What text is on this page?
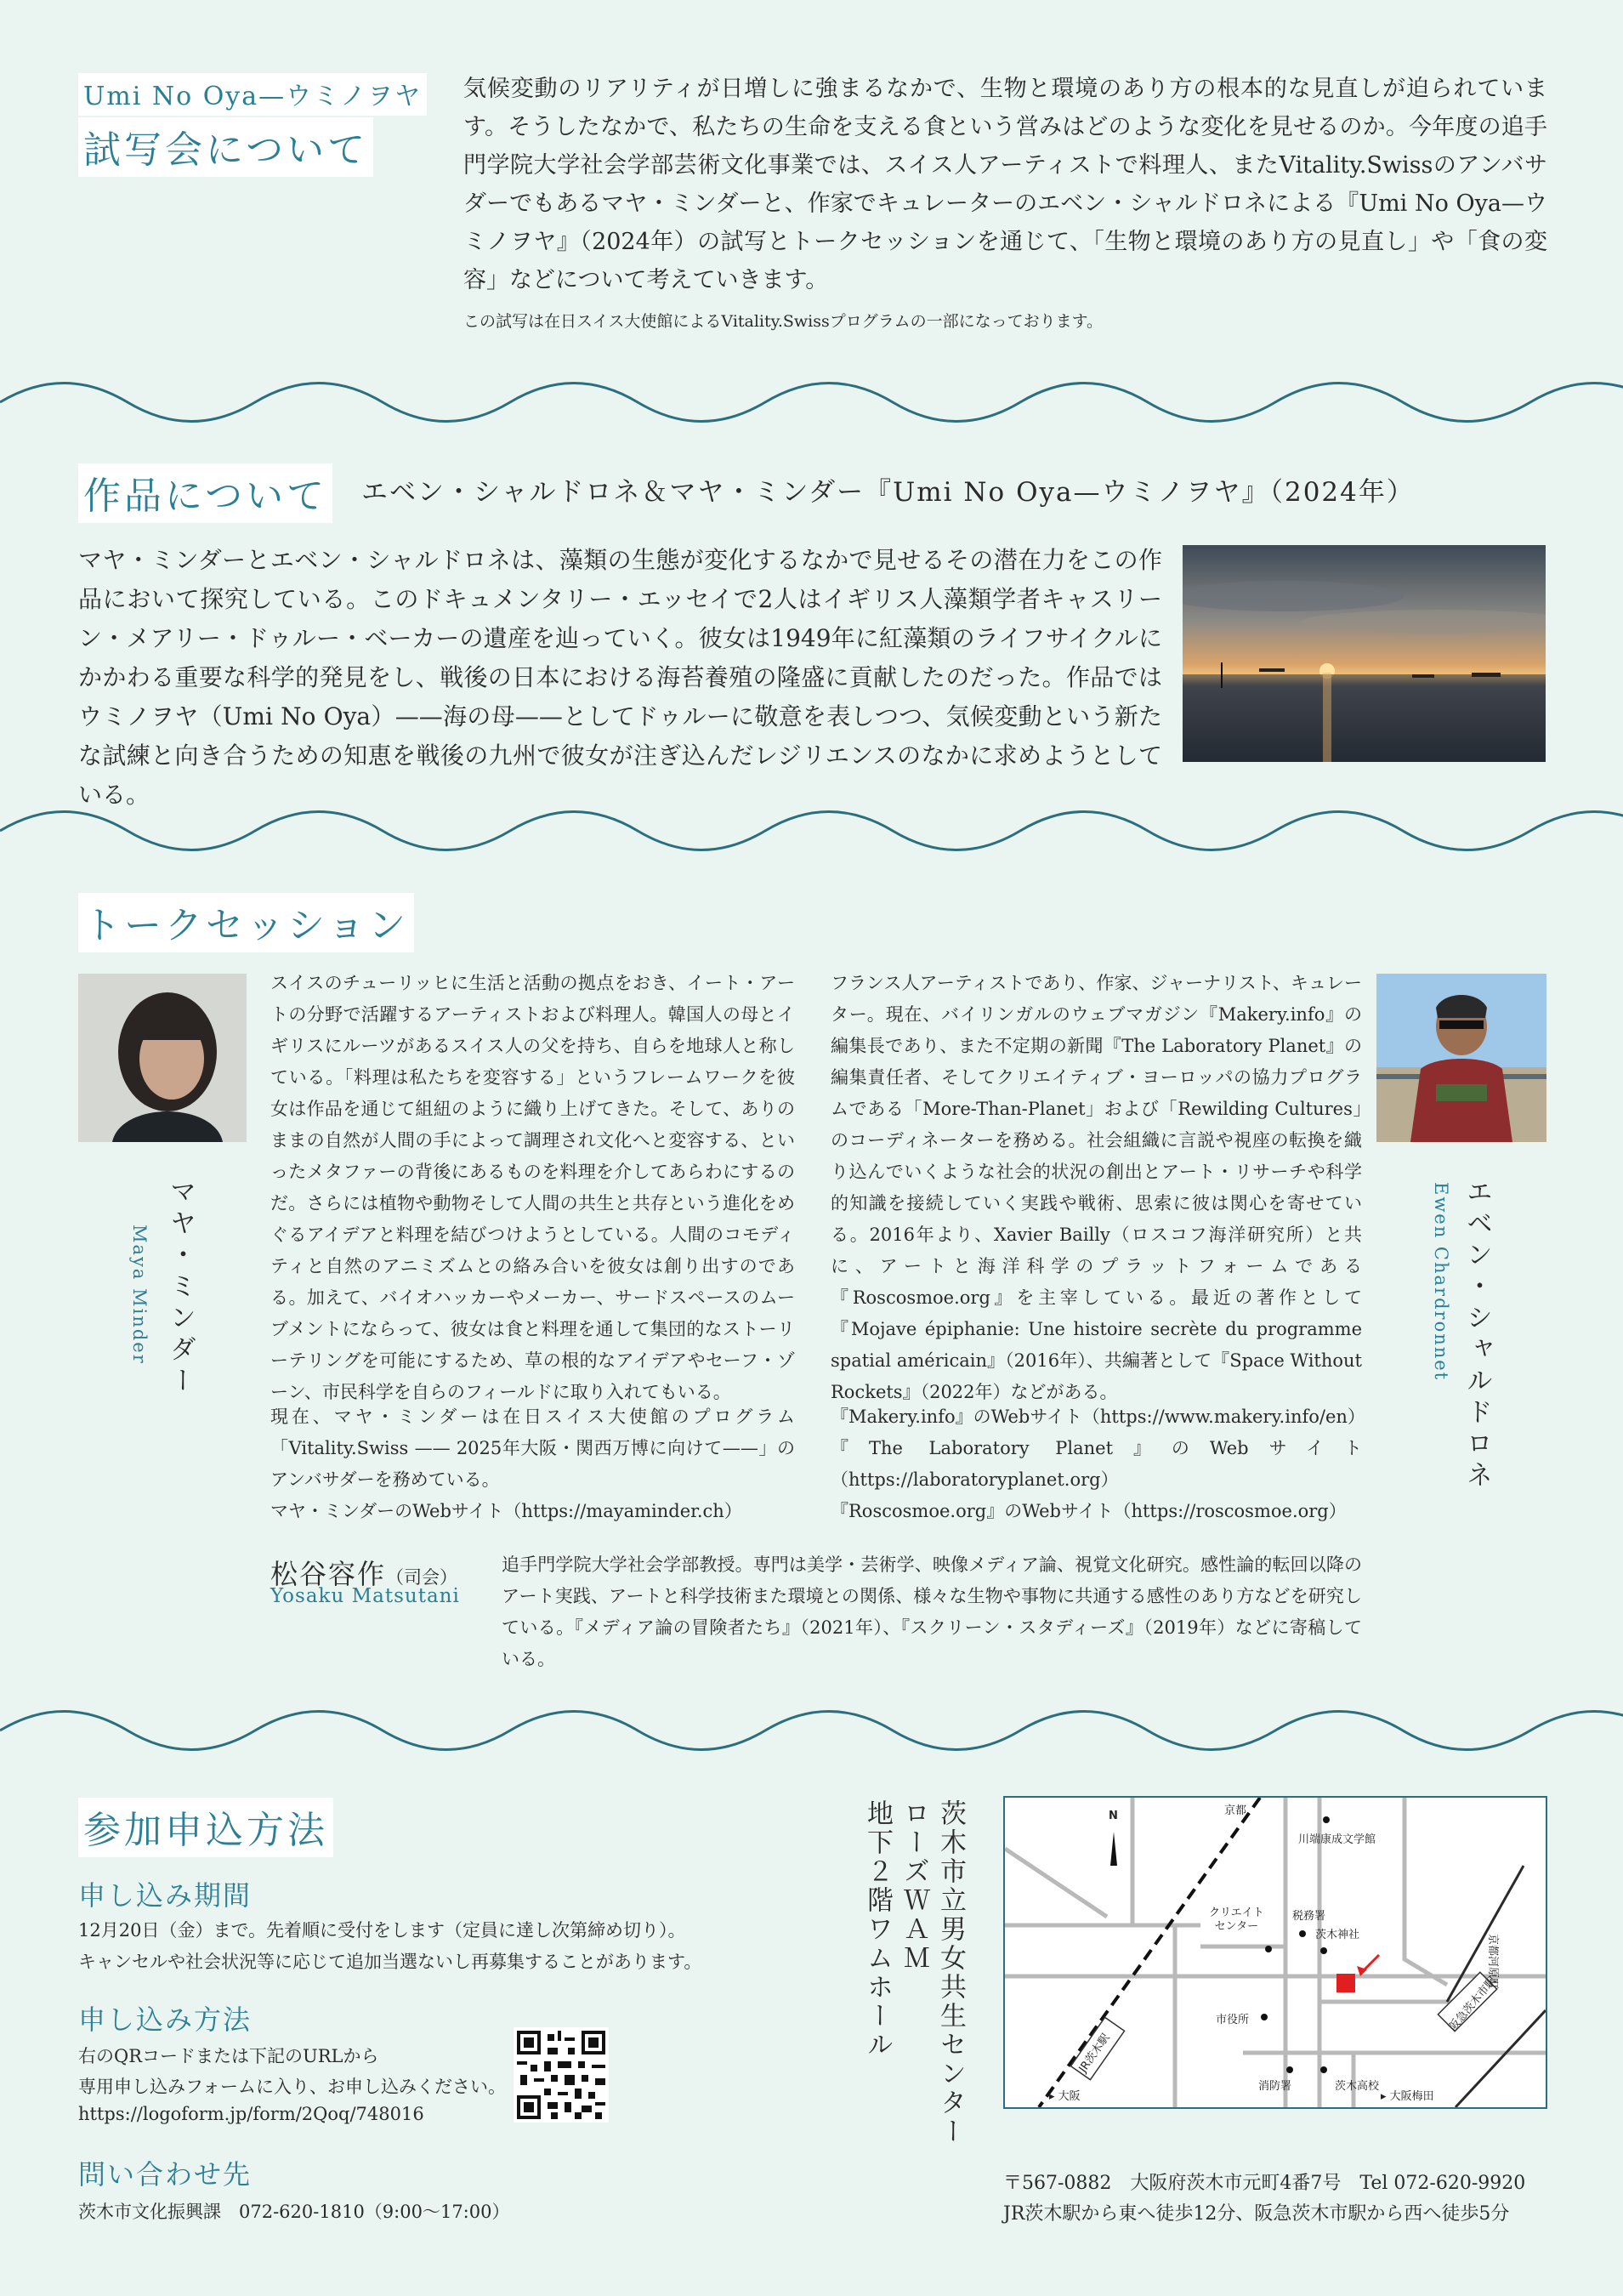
Umi No Oya—ウミノヲヤ
試写会について
気候変動のリアリティが日増しに強まるなかで、生物と環境のあり方の根本的な見直しが迫られています。そうしたなかで、私たちの生命を支える食という営みはどのような変化を見せるのか。今年度の追手門学院大学社会学部芸術文化事業では、スイス人アーティストで料理人、またVitality.Swissのアンバサダーでもあるマヤ・ミンダーと、作家でキュレーターのエベン・シャルドロネによる『Umi No Oya—ウミノヲヤ』（2024年）の試写とトークセッションを通じて、「生物と環境のあり方の見直し」や「食の変容」などについて考えていきます。
この試写は在日スイス大使館によるVitality.Swissプログラムの一部になっております。
作品について エベン・シャルドロネ＆マヤ・ミンダー『Umi No Oya—ウミノヲヤ』（2024年）
マヤ・ミンダーとエベン・シャルドロネは、藻類の生態が変化するなかで見せるその潜在力をこの作品において探究している。このドキュメンタリー・エッセイで2人はイギリス人藻類学者キャスリーン・メアリー・ドゥルー・ベーカーの遺産を辿っていく。彼女は1949年に紅藻類のライフサイクルにかかわる重要な科学的発見をし、戦後の日本における海苔養殖の隆盛に貢献したのだった。作品ではウミノヲヤ（Umi No Oya）——海の母——としてドゥルーに敬意を表しつつ、気候変動という新たな試練と向き合うための知恵を戦後の九州で彼女が注ぎ込んだレジリエンスのなかに求めようとしている。
トークセッション
マヤ・ミンダー
Maya Minder
スイスのチューリッヒに生活と活動の拠点をおき、イート・アートの分野で活躍するアーティストおよび料理人。韓国人の母とイギリスにルーツがあるスイス人の父を持ち、自らを地球人と称している。「料理は私たちを変容する」というフレームワークを彼女は作品を通じて組紐のように織り上げてきた。そして、ありのままの自然が人間の手によって調理され文化へと変容する、といったメタファーの背後にあるものを料理を介してあらわにするのだ。さらには植物や動物そして人間の共生と共存という進化をめぐるアイデアと料理を結びつけようとしている。人間のコモディティと自然のアニミズムとの絡み合いを彼女は創り出すのである。加えて、バイオハッカーやメーカー、サードスペースのムーブメントにならって、彼女は食と料理を通して集団的なストーリーテリングを可能にするため、草の根的なアイデアやセーフ・ゾーン、市民科学を自らのフィールドに取り入れてもいる。
現在、マヤ・ミンダーは在日スイス大使館のプログラム「Vitality.Swiss —— 2025年大阪・関西万博に向けて——」のアンバサダーを務めている。
マヤ・ミンダーのWebサイト（https://mayaminder.ch）
フランス人アーティストであり、作家、ジャーナリスト、キュレーター。現在、バイリンガルのウェブマガジン『Makery.info』の編集長であり、また不定期の新聞『The Laboratory Planet』の編集責任者、そしてクリエイティブ・ヨーロッパの協力プログラムである「More-Than-Planet」および「Rewilding Cultures」のコーディネーターを務める。社会組織に言説や視座の転換を織り込んでいくような社会的状況の創出とアート・リサーチや科学的知識を接続していく実践や戦術、思索に彼は関心を寄せている。2016年より、Xavier Bailly（ロスコフ海洋研究所）と共に、アートと海洋科学のプラットフォームである『Roscosmoe.org』を主宰している。最近の著作として『Mojave épiphanie: Une histoire secrète du programme spatial américain』（2016年）、共編著として『Space Without Rockets』（2022年）などがある。
『Makery.info』のWebサイト（https://www.makery.info/en）
『The Laboratory Planet』のWebサイト（https://laboratoryplanet.org）
『Roscosmoe.org』のWebサイト（https://roscosmoe.org）
エベン・シャルドロネ
Ewen Chardronnet
松谷容作（司会）
Yosaku Matsutani
追手門学院大学社会学部教授。専門は美学・芸術学、映像メディア論、視覚文化研究。感性論的転回以降のアート実践、アートと科学技術また環境との関係、様々な生物や事物に共通する感性のあり方などを研究している。『メディア論の冒険者たち』（2021年）、『スクリーン・スタディーズ』（2019年）などに寄稿している。
参加申込方法
申し込み期間
12月20日（金）まで。先着順に受付をします（定員に達し次第締め切り）。
キャンセルや社会状況等に応じて追加当選ないし再募集することがあります。
申し込み方法
右のQRコードまたは下記のURLから
専用申し込みフォームに入り、お申し込みください。
https://logoform.jp/form/2Qoq/748016
問い合わせ先
茨木市文化振興課　072-620-1810（9:00〜17:00）
茨木市立男女共生センター
ローズＷＡＭ
地下２階ワムホール	N	京都
川端康成文学館
クリエイト
センター
税務署
茨木神社
市役所
消防署	茨木高校
JR茨木駅
阪急茨木市駅
京都河原町
▸ 大阪	▸ 大阪梅田
〒567-0882　大阪府茨木市元町4番7号　Tel 072-620-9920
JR茨木駅から東へ徒歩12分、阪急茨木市駅から西へ徒歩5分
